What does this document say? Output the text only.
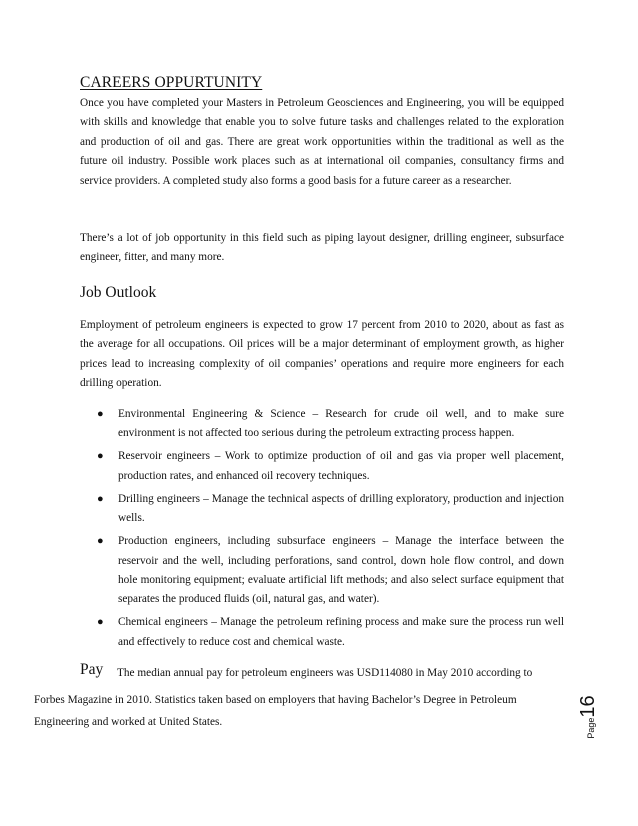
CAREERS OPPURTUNITY

Once you have completed your Masters in Petroleum Geosciences and Engineering, you will be equipped with skills and knowledge that enable you to solve future tasks and challenges related to the exploration and production of oil and gas. There are great work opportunities within the traditional as well as the future oil industry. Possible work places such as at international oil companies, consultancy firms and service providers. A completed study also forms a good basis for a future career as a researcher.

There’s a lot of job opportunity in this field such as piping layout designer, drilling engineer, subsurface engineer, fitter, and many more.

Job Outlook

Employment of petroleum engineers is expected to grow 17 percent from 2010 to 2020, about as fast as the average for all occupations. Oil prices will be a major determinant of employment growth, as higher prices lead to increasing complexity of oil companies’ operations and require more engineers for each drilling operation.

● Environmental Engineering & Science – Research for crude oil well, and to make sure environment is not affected too serious during the petroleum extracting process happen.
● Reservoir engineers – Work to optimize production of oil and gas via proper well placement, production rates, and enhanced oil recovery techniques.
● Drilling engineers – Manage the technical aspects of drilling exploratory, production and injection wells.
● Production engineers, including subsurface engineers – Manage the interface between the reservoir and the well, including perforations, sand control, down hole flow control, and down hole monitoring equipment; evaluate artificial lift methods; and also select surface equipment that separates the produced fluids (oil, natural gas, and water).
● Chemical engineers – Manage the petroleum refining process and make sure the process run well and effectively to reduce cost and chemical waste.
Pay The median annual pay for petroleum engineers was USD114080 in May 2010 according to

Forbes Magazine in 2010. Statistics taken based on employers that having Bachelor’s Degree in Petroleum Engineering and worked at United States.	Page
16
